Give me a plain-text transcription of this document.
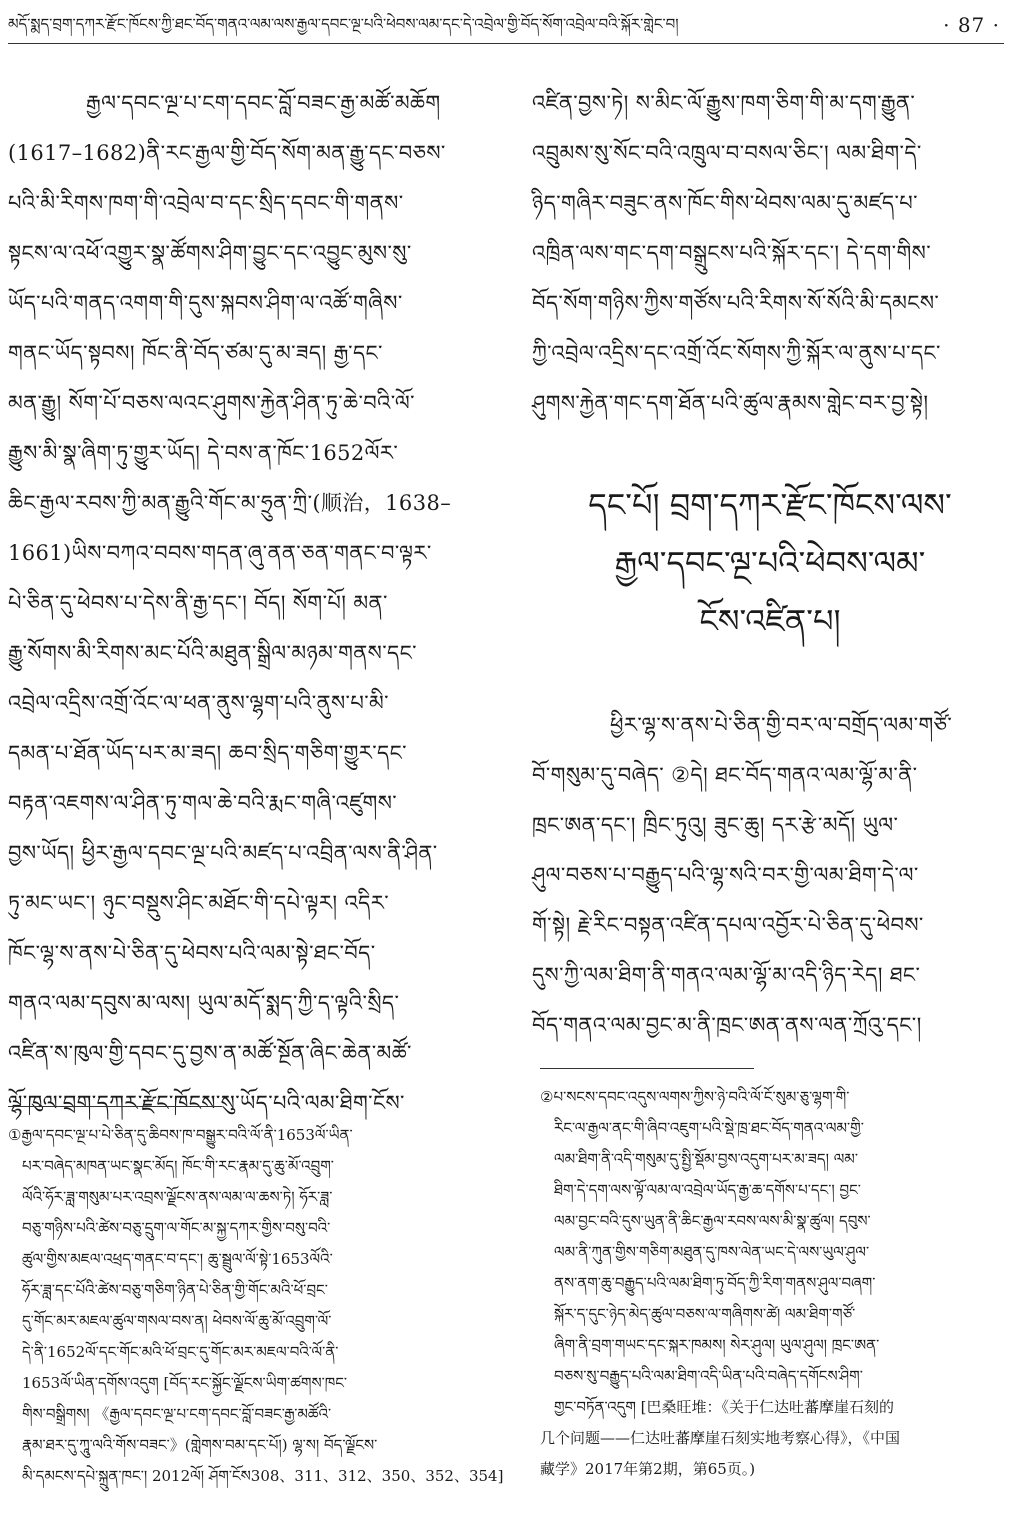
མདོ་སྨད་བྲག་དཀར་རྫོང་ཁོངས་ཀྱི་ཐང་བོད་གནའ་ལམ་ལས་རྒྱལ་དབང་ལྔ་པའི་ཕེབས་ལམ་དང་དེ་འབྲེལ་གྱི་བོད་སོག་འབྲེལ་བའི་སྐོར་གླེང་བ།	· 87 ·
རྒྱལ་དབང་ལྔ་པ་ངག་དབང་བློ་བཟང་རྒྱ་མཚོ་མཆོག
(1617–1682)ནི་རང་རྒྱལ་གྱི་བོད་སོག་མན་རྒྱུ་དང་བཅས་
པའི་མི་རིགས་ཁག་གི་འབྲེལ་བ་དང་སྲིད་དབང་གི་གནས་
སྟངས་ལ་འཕོ་འགྱུར་སྣ་ཚོགས་ཤིག་བྱུང་དང་འབྱུང་མུས་སུ་
ཡོད་པའི་གནད་འགག་གི་དུས་སྐབས་ཤིག་ལ་འཚོ་གཞིས་
གནང་ཡོད་སྟབས། ཁོང་ནི་བོད་ཙམ་དུ་མ་ཟད། རྒྱ་དང་
མན་རྒྱུ། སོག་པོ་བཅས་ལའང་ཤུགས་རྐྱེན་ཤིན་ཏུ་ཆེ་བའི་ལོ་
རྒྱུས་མི་སྣ་ཞིག་ཏུ་གྱུར་ཡོད། དེ་བས་ན་ཁོང་1652ལོར་
ཆིང་རྒྱལ་རབས་ཀྱི་མན་རྒྱུའི་གོང་མ་ཧྲུན་ཀྲི་(顺治，1638–
1661)ཡིས་བཀའ་བབས་གདན་ཞུ་ནན་ཅན་གནང་བ་ལྟར་
པེ་ཅིན་དུ་ཕེབས་པ་དེས་ནི་རྒྱ་དང་། བོད། སོག་པོ། མན་
རྒྱུ་སོགས་མི་རིགས་མང་པོའི་མཐུན་སྒྲིལ་མཉམ་གནས་དང་
འབྲེལ་འདྲིས་འགྲོ་འོང་ལ་ཕན་ནུས་ལྷག་པའི་ནུས་པ་མི་
དམན་པ་ཐོན་ཡོད་པར་མ་ཟད། ཆབ་སྲིད་གཅིག་གྱུར་དང་
བརྟན་འཇགས་ལ་ཤིན་ཏུ་གལ་ཆེ་བའི་རྨང་གཞི་འཛུགས་
བྱས་ཡོད། ཕྱིར་རྒྱལ་དབང་ལྔ་པའི་མཛད་པ་འབྲིན་ལས་ནི་ཤིན་
ཏུ་མང་ཡང་། ཉུང་བསྡུས་ཤིང་མཐོང་གི་དཔེ་ལྟར། འདིར་
ཁོང་ལྷ་ས་ནས་པེ་ཅིན་དུ་ཕེབས་པའི་ལམ་སྟེ་ཐང་བོད་
གནའ་ལམ་དབུས་མ་ལས། ཡུལ་མདོ་སྨད་ཀྱི་ད་ལྟའི་སྲིད་
འཛིན་ས་ཁུལ་གྱི་དབང་དུ་བྱས་ན་མཚོ་སྔོན་ཞིང་ཆེན་མཚོ་
ལྷོ་ཁུལ་བྲག་དཀར་རྫོང་ཁོངས་སུ་ཡོད་པའི་ལམ་ཐིག་ངོས་
འཛིན་བྱས་ཏེ། ས་མིང་ལོ་རྒྱུས་ཁག་ཅིག་གི་མ་དག་རྒྱུན་
འབྲུམས་སུ་སོང་བའི་འཁྲུལ་བ་བསལ་ཅིང་། ལམ་ཐིག་དེ་
ཉིད་གཞིར་བཟུང་ནས་ཁོང་གིས་ཕེབས་ལམ་དུ་མཛད་པ་
འཁྲིན་ལས་གང་དག་བསྒྲུངས་པའི་སྐོར་དང་། དེ་དག་གིས་
བོད་སོག་གཉིས་ཀྱིས་གཙོས་པའི་རིགས་སོ་སོའི་མི་དམངས་
ཀྱི་འབྲེལ་འདྲིས་དང་འགྲོ་འོང་སོགས་ཀྱི་སྐོར་ལ་ནུས་པ་དང་
ཤུགས་རྐྱེན་གང་དག་ཐོན་པའི་ཚུལ་རྣམས་གླེང་བར་བྱ་སྟེ།
དང་པོ། བྲག་དཀར་རྫོང་ཁོངས་ལས་
རྒྱལ་དབང་ལྔ་པའི་ཕེབས་ལམ་
ངོས་འཛིན་པ།
ཕྱིར་ལྷ་ས་ནས་པེ་ཅིན་གྱི་བར་ལ་བགྲོད་ལམ་གཙོ་
བོ་གསུམ་དུ་བཞེད་ ②དེ། ཐང་བོད་གནའ་ལམ་ལྷོ་མ་ནི་
ཁྲང་ཨན་དང་། ཁྲིང་ཏུའུ། ཟུང་ཆུ། དར་རྩེ་མདོ། ཡུལ་
ཤུལ་བཅས་པ་བརྒྱུད་པའི་ལྷ་སའི་བར་གྱི་ལམ་ཐིག་དེ་ལ་
གོ་སྟེ། རྗེ་རིང་བསྟན་འཛིན་དཔལ་འབྱོར་པེ་ཅིན་དུ་ཕེབས་
དུས་ཀྱི་ལམ་ཐིག་ནི་གནའ་ལམ་ལྷོ་མ་འདི་ཉིད་རེད། ཐང་
བོད་གནའ་ལམ་བྱང་མ་ནི་ཁྲང་ཨན་ནས་ལན་ཀྲོའུ་དང་།
①རྒྱལ་དབང་ལྔ་པ་པེ་ཅིན་དུ་ཆིབས་ཁ་བསྒྱུར་བའི་ལོ་ནི་1653ལོ་ཡིན་
པར་བཞེད་མཁན་ཡང་སྣང་མོད། ཁོང་གི་རང་རྣམ་དུ་ཆུ་མོ་འབྲུག་
ལོའི་ཧོར་ཟླ་གསུམ་པར་འབྲས་ལྗོངས་ནས་ལམ་ལ་ཆས་ཏེ། ཧོར་ཟླ་
བཅུ་གཉིས་པའི་ཚེས་བཅུ་དྲུག་ལ་གོང་མ་སྐྱ་དཀར་གྱིས་བསུ་བའི་
ཚུལ་གྱིས་མཇལ་འཕྲད་གནང་བ་དང་། ཆུ་སྦྲུལ་ལོ་སྟེ་1653ལོའི་
ཧོར་ཟླ་དང་པོའི་ཚེས་བཅུ་གཅིག་ཉིན་པེ་ཅིན་གྱི་གོང་མའི་ཕོ་བྲང་
དུ་གོང་མར་མཇལ་ཚུལ་གསལ་བས་ན། ཕེབས་ལོ་ཆུ་མོ་འབྲུག་ལོ་
དེ་ནི་1652ལོ་དང་གོང་མའི་ཕོ་བྲང་དུ་གོང་མར་མཇལ་བའི་ལོ་ནི་
1653ལོ་ཡིན་དགོས་འདུག [བོད་རང་སྐྱོང་ལྗོངས་ཡིག་ཚགས་ཁང་
གིས་བསྒྲིགས། 《རྒྱལ་དབང་ལྔ་པ་ངག་དབང་བློ་བཟང་རྒྱ་མཚོའི་
རྣམ་ཐར་དུ་ཀཱུ་ལའི་གོས་བཟང་》(གླེགས་བམ་དང་པོ།) ལྷ་ས། བོད་ལྗོངས་
མི་དམངས་དཔེ་སྐྲུན་ཁང་། 2012ལོ། ཤོག་ངོས308、311、312、350、352、354]
②པ་སངས་དབང་འདུས་ལགས་ཀྱིས་ཉེ་བའི་ལོ་ངོ་སུམ་ཅུ་ལྷག་གི་
རིང་ལ་རྒྱལ་ནང་གི་ཞིབ་འཇུག་པའི་སྡེ་ཁྲ་ཐང་བོད་གནའ་ལམ་གྱི་
ལམ་ཐིག་ནི་འདི་གསུམ་དུ་སྤྱི་སྡོམ་བྱས་འདུག་པར་མ་ཟད། ལམ་
ཐིག་དེ་དག་ལས་ལྟོ་ལམ་ལ་འབྲེལ་ཡོད་རྒྱ་ཆ་དགོས་པ་དང་། བྱང་
ལམ་བྱང་བའི་དུས་ཡུན་ནི་ཆིང་རྒྱལ་རབས་ལས་མི་སྣ་ཚུལ། དབུས་
ལམ་ནི་ཀུན་གྱིས་གཅིག་མཐུན་དུ་ཁས་ལེན་ཡང་དེ་ལས་ཡུལ་ཤུལ་
ནས་ནག་ཆུ་བརྒྱུད་པའི་ལམ་ཐིག་ཏུ་བོད་ཀྱི་རིག་གནས་ཤུལ་བཞག་
སྐོར་ད་དུང་ཉེད་མེད་ཚུལ་བཅས་ལ་གཞིགས་ཚེ། ལམ་ཐིག་གཙོ་
ཞིག་ནི་བྲག་གཡང་དང་སྐར་ཁམས། སེར་ཤུལ། ཡུལ་ཤུལ། ཁྲང་ཨན་
བཅས་སུ་བརྒྱུད་པའི་ལམ་ཐིག་འདི་ཡིན་པའི་བཞེད་དགོངས་ཤིག་
གྱང་བཏོན་འདུག [巴桑旺堆：《关于仁达吐蕃摩崖石刻的
几个问题——仁达吐蕃摩崖石刻实地考察心得》，《中国
藏学》2017年第2期，第65页。)
